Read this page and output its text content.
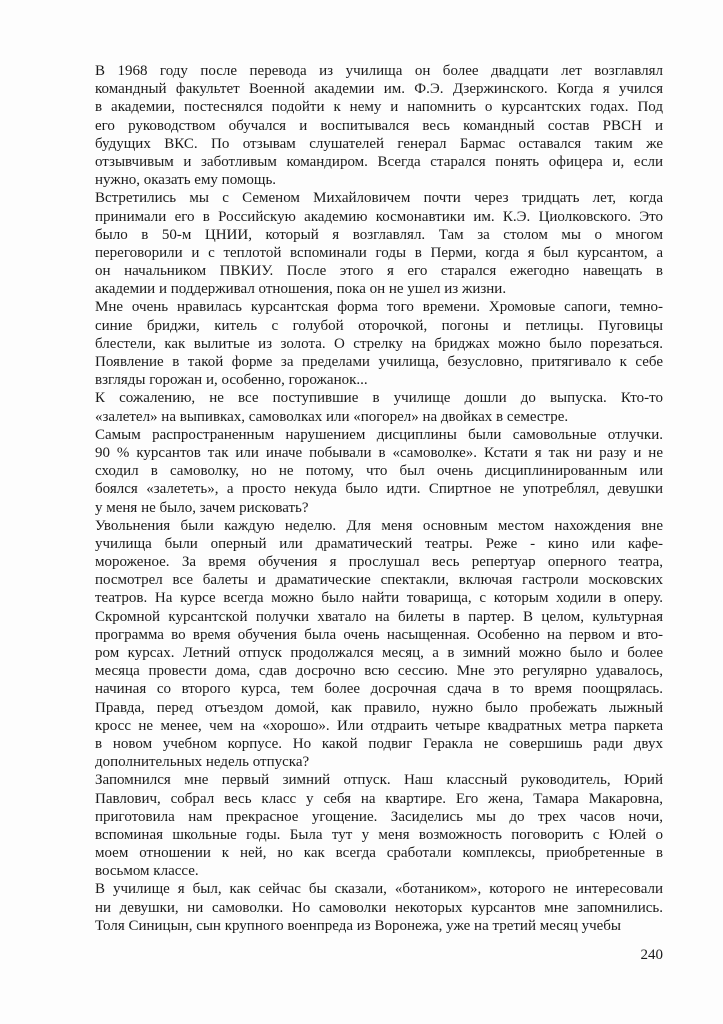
В 1968 году после перевода из училища он более двадцати лет возглавлял
командный факультет Военной академии им. Ф.Э. Дзержинского. Когда я учился
в академии, постеснялся подойти к нему и напомнить о курсантских годах. Под
его руководством обучался и воспитывался весь командный состав РВСН и
будущих ВКС. По отзывам слушателей генерал Бармас оставался таким же
отзывчивым и заботливым командиром. Всегда старался понять офицера и, если
нужно, оказать ему помощь.
Встретились мы с Семеном Михайловичем почти через тридцать лет, когда
принимали его в Российскую академию космонавтики им. К.Э. Циолковского. Это
было в 50-м ЦНИИ, который я возглавлял. Там за столом мы о многом
переговорили и с теплотой вспоминали годы в Перми, когда я был курсантом, а
он начальником ПВКИУ. После этого я его старался ежегодно навещать в
академии и поддерживал отношения, пока он не ушел из жизни.
Мне очень нравилась курсантская форма того времени. Хромовые сапоги, темно-
синие бриджи, китель с голубой оторочкой, погоны и петлицы. Пуговицы
блестели, как вылитые из золота. О стрелку на бриджах можно было порезаться.
Появление в такой форме за пределами училища, безусловно, притягивало к себе
взгляды горожан и, особенно, горожанок...
К сожалению, не все поступившие в училище дошли до выпуска. Кто-то
«залетел» на выпивках, самоволках или «погорел» на двойках в семестре.
Самым распространенным нарушением дисциплины были самовольные отлучки.
90 % курсантов так или иначе побывали в «самоволке». Кстати я так ни разу и не
сходил в самоволку, но не потому, что был очень дисциплинированным или
боялся «залететь», а просто некуда было идти. Спиртное не употреблял, девушки
у меня не было, зачем рисковать?
Увольнения были каждую неделю. Для меня основным местом нахождения вне
училища были оперный или драматический театры. Реже - кино или кафе-
мороженое. За время обучения я прослушал весь репертуар оперного театра,
посмотрел все балеты и драматические спектакли, включая гастроли московских
театров. На курсе всегда можно было найти товарища, с которым ходили в оперу.
Скромной курсантской получки хватало на билеты в партер. В целом, культурная
программа во время обучения была очень насыщенная. Особенно на первом и вто-
ром курсах. Летний отпуск продолжался месяц, а в зимний можно было и более
месяца провести дома, сдав досрочно всю сессию. Мне это регулярно удавалось,
начиная со второго курса, тем более досрочная сдача в то время поощрялась.
Правда, перед отъездом домой, как правило, нужно было пробежать лыжный
кросс не менее, чем на «хорошо». Или отдраить четыре квадратных метра паркета
в новом учебном корпусе. Но какой подвиг Геракла не совершишь ради двух
дополнительных недель отпуска?
Запомнился мне первый зимний отпуск. Наш классный руководитель, Юрий
Павлович, собрал весь класс у себя на квартире. Его жена, Тамара Макаровна,
приготовила нам прекрасное угощение. Засиделись мы до трех часов ночи,
вспоминая школьные годы. Была тут у меня возможность поговорить с Юлей о
моем отношении к ней, но как всегда сработали комплексы, приобретенные в
восьмом классе.
В училище я был, как сейчас бы сказали, «ботаником», которого не интересовали
ни девушки, ни самоволки. Но самоволки некоторых курсантов мне запомнились.
Толя Синицын, сын крупного военпреда из Воронежа, уже на третий месяц учебы
240
